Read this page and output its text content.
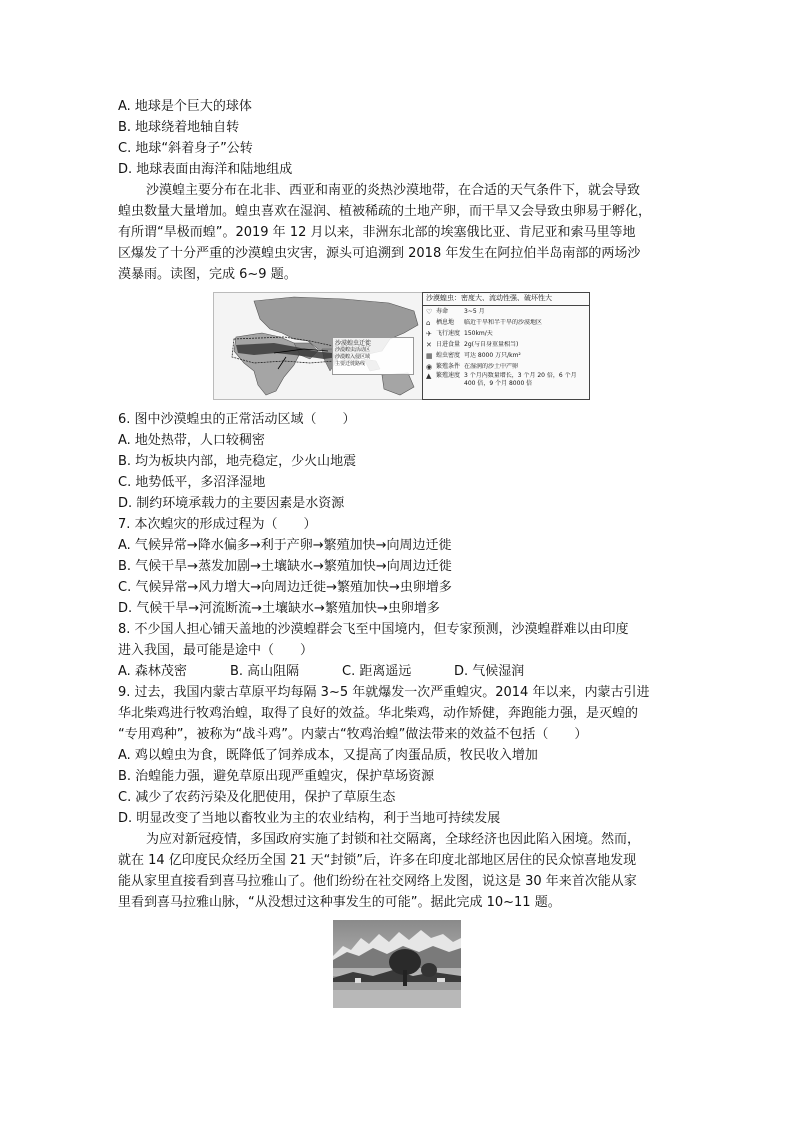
A. 地球是个巨大的球体
B. 地球绕着地轴自转
C. 地球“斜着身子”公转
D. 地球表面由海洋和陆地组成
沙漠蝗主要分布在北非、西亚和南亚的炎热沙漠地带，在合适的天气条件下，就会导致
蝗虫数量大量增加。蝗虫喜欢在湿润、植被稀疏的土地产卵，而干旱又会导致虫卵易于孵化，
有所谓“旱极而蝗”。2019 年 12 月以来，非洲东北部的埃塞俄比亚、肯尼亚和索马里等地
区爆发了十分严重的沙漠蝗虫灾害，源头可追溯到 2018 年发生在阿拉伯半岛南部的两场沙
漠暴雨。读图，完成 6~9 题。
沙漠蝗虫迁徙
沙漠蝗虫活动区
沙漠蝗入侵区域
主要迁徙路线
沙漠蝗虫：密度大、流动性强、破坏性大
♡ 寿命	3~5 月
⌂ 栖息地	临近干旱和半干旱的沙漠地区
✈ 飞行速度 150km/天
✕ 日进食量 2g(与自身重量相当)
▦ 蝗虫密度 可达 8000 万只/km²
◉ 繁殖条件 在湿润的沙土中产卵
▲ 繁殖速度 3 个月内数量增长，3 个月 20 倍，6 个月 400 倍，9 个月 8000 倍
6. 图中沙漠蝗虫的正常活动区域（　　）
A. 地处热带，人口较稠密
B. 均为板块内部，地壳稳定，少火山地震
C. 地势低平，多沼泽湿地
D. 制约环境承载力的主要因素是水资源
7. 本次蝗灾的形成过程为（　　）
A. 气候异常→降水偏多→利于产卵→繁殖加快→向周边迁徙
B. 气候干旱→蒸发加剧→土壤缺水→繁殖加快→向周边迁徙
C. 气候异常→风力增大→向周边迁徙→繁殖加快→虫卵增多
D. 气候干旱→河流断流→土壤缺水→繁殖加快→虫卵增多
8. 不少国人担心铺天盖地的沙漠蝗群会飞至中国境内，但专家预测，沙漠蝗群难以由印度
进入我国，最可能是途中（　　）
A. 森林茂密	B. 高山阻隔	C. 距离遥远	D. 气候湿润
9. 过去，我国内蒙古草原平均每隔 3~5 年就爆发一次严重蝗灾。2014 年以来，内蒙古引进
华北柴鸡进行牧鸡治蝗，取得了良好的效益。华北柴鸡，动作矫健，奔跑能力强，是灭蝗的
“专用鸡种”，被称为“战斗鸡”。内蒙古“牧鸡治蝗”做法带来的效益不包括（　　）
A. 鸡以蝗虫为食，既降低了饲养成本，又提高了肉蛋品质，牧民收入增加
B. 治蝗能力强，避免草原出现严重蝗灾，保护草场资源
C. 减少了农药污染及化肥使用，保护了草原生态
D. 明显改变了当地以畜牧业为主的农业结构，利于当地可持续发展
为应对新冠疫情，多国政府实施了封锁和社交隔离，全球经济也因此陷入困境。然而，
就在 14 亿印度民众经历全国 21 天“封锁”后，许多在印度北部地区居住的民众惊喜地发现
能从家里直接看到喜马拉雅山了。他们纷纷在社交网络上发图，说这是 30 年来首次能从家
里看到喜马拉雅山脉，“从没想过这种事发生的可能”。据此完成 10~11 题。
